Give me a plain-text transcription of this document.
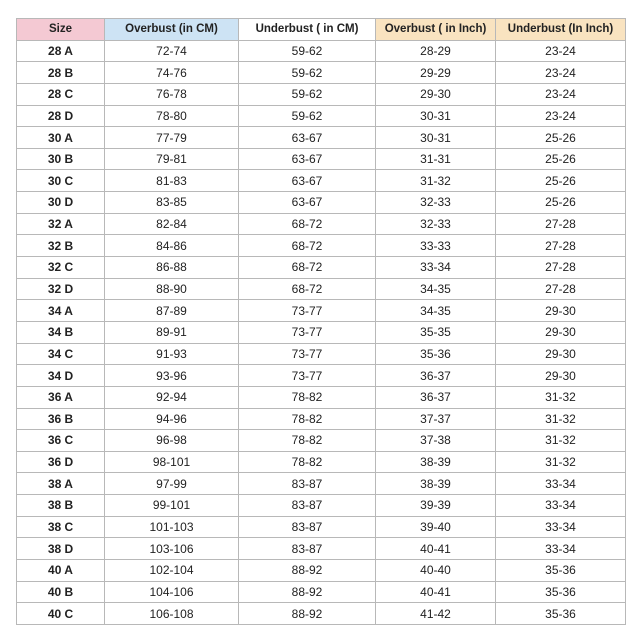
Size	Overbust (in CM)	Underbust ( in CM)	Overbust ( in Inch)	Underbust (In Inch)
28 A	72-74	59-62	28-29	23-24
28 B	74-76	59-62	29-29	23-24
28 C	76-78	59-62	29-30	23-24
28 D	78-80	59-62	30-31	23-24
30 A	77-79	63-67	30-31	25-26
30 B	79-81	63-67	31-31	25-26
30 C	81-83	63-67	31-32	25-26
30 D	83-85	63-67	32-33	25-26
32 A	82-84	68-72	32-33	27-28
32 B	84-86	68-72	33-33	27-28
32 C	86-88	68-72	33-34	27-28
32 D	88-90	68-72	34-35	27-28
34 A	87-89	73-77	34-35	29-30
34 B	89-91	73-77	35-35	29-30
34 C	91-93	73-77	35-36	29-30
34 D	93-96	73-77	36-37	29-30
36 A	92-94	78-82	36-37	31-32
36 B	94-96	78-82	37-37	31-32
36 C	96-98	78-82	37-38	31-32
36 D	98-101	78-82	38-39	31-32
38 A	97-99	83-87	38-39	33-34
38 B	99-101	83-87	39-39	33-34
38 C	101-103	83-87	39-40	33-34
38 D	103-106	83-87	40-41	33-34
40 A	102-104	88-92	40-40	35-36
40 B	104-106	88-92	40-41	35-36
40 C	106-108	88-92	41-42	35-36
